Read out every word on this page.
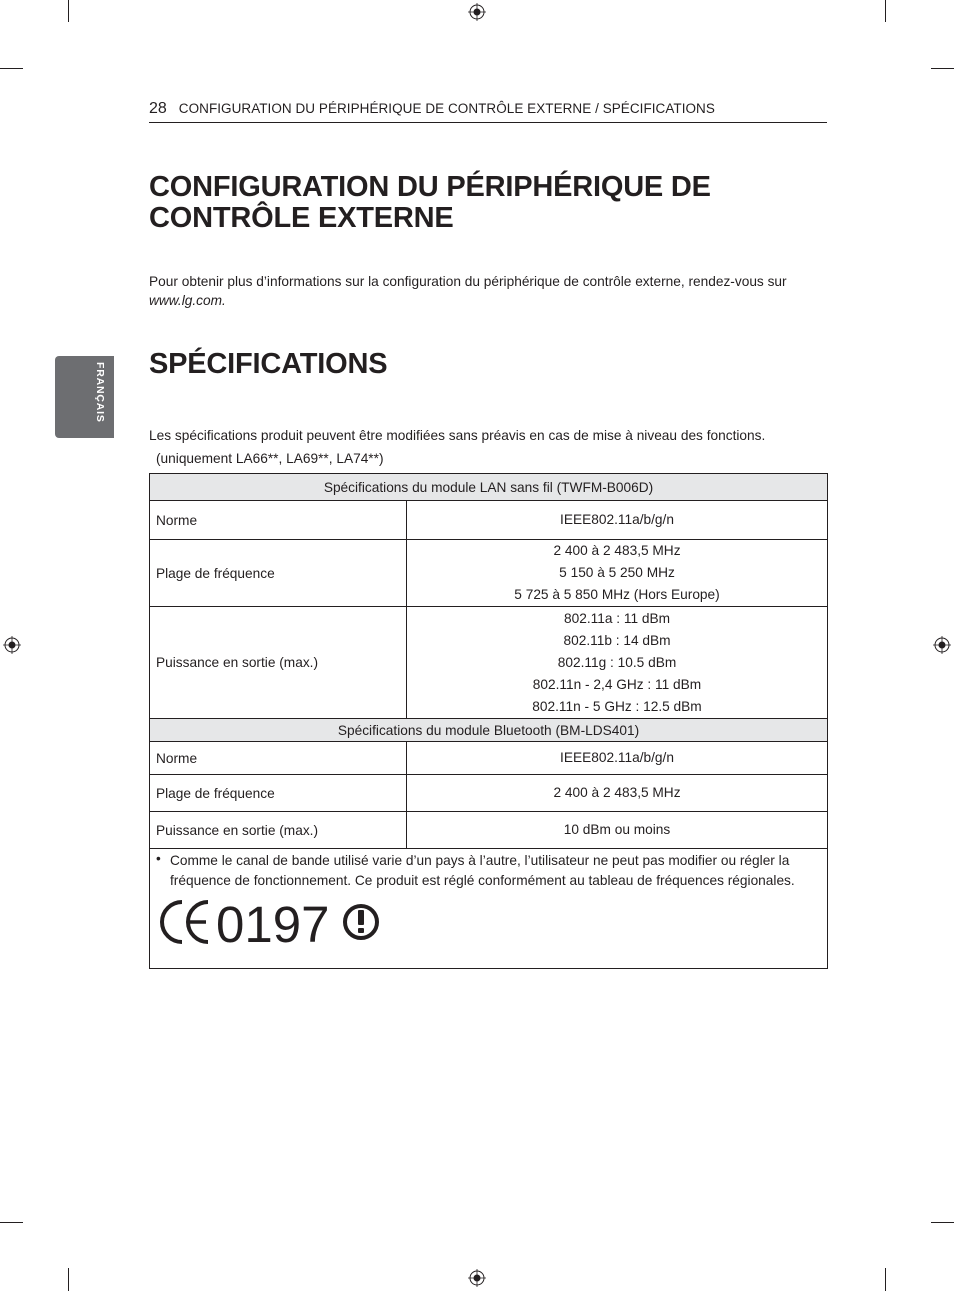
28 CONFIGURATION DU PÉRIPHÉRIQUE DE CONTRÔLE EXTERNE / SPÉCIFICATIONS
FRANÇAIS
CONFIGURATION DU PÉRIPHÉRIQUE DE
CONTRÔLE EXTERNE
Pour obtenir plus d’informations sur la configuration du périphérique de contrôle externe, rendez-vous sur
www.lg.com.
SPÉCIFICATIONS
Les spécifications produit peuvent être modifiées sans préavis en cas de mise à niveau des fonctions.
(uniquement LA66**, LA69**, LA74**)
Spécifications du module LAN sans fil (TWFM-B006D)	
Norme	IEEE802.11a/b/g/n
Plage de fréquence	2 400 à 2 483,5 MHz
5 150 à 5 250 MHz
5 725 à 5 850 MHz (Hors Europe)

Puissance en sortie (max.)	802.11a : 11 dBm
802.11b : 14 dBm
802.11g : 10.5 dBm
802.11n - 2,4 GHz : 11 dBm
802.11n - 5 GHz : 12.5 dBm

Spécifications du module Bluetooth (BM-LDS401)	
Norme	IEEE802.11a/b/g/n
Plage de fréquence	2 400 à 2 483,5 MHz
Puissance en sortie (max.)	10 dBm ou moins

• Comme le canal de bande utilisé varie d’un pays à l’autre, l’utilisateur ne peut pas modifier ou régler la fréquence de fonctionnement. Ce produit est réglé conformément au tableau de fréquences régionales.
0197	
